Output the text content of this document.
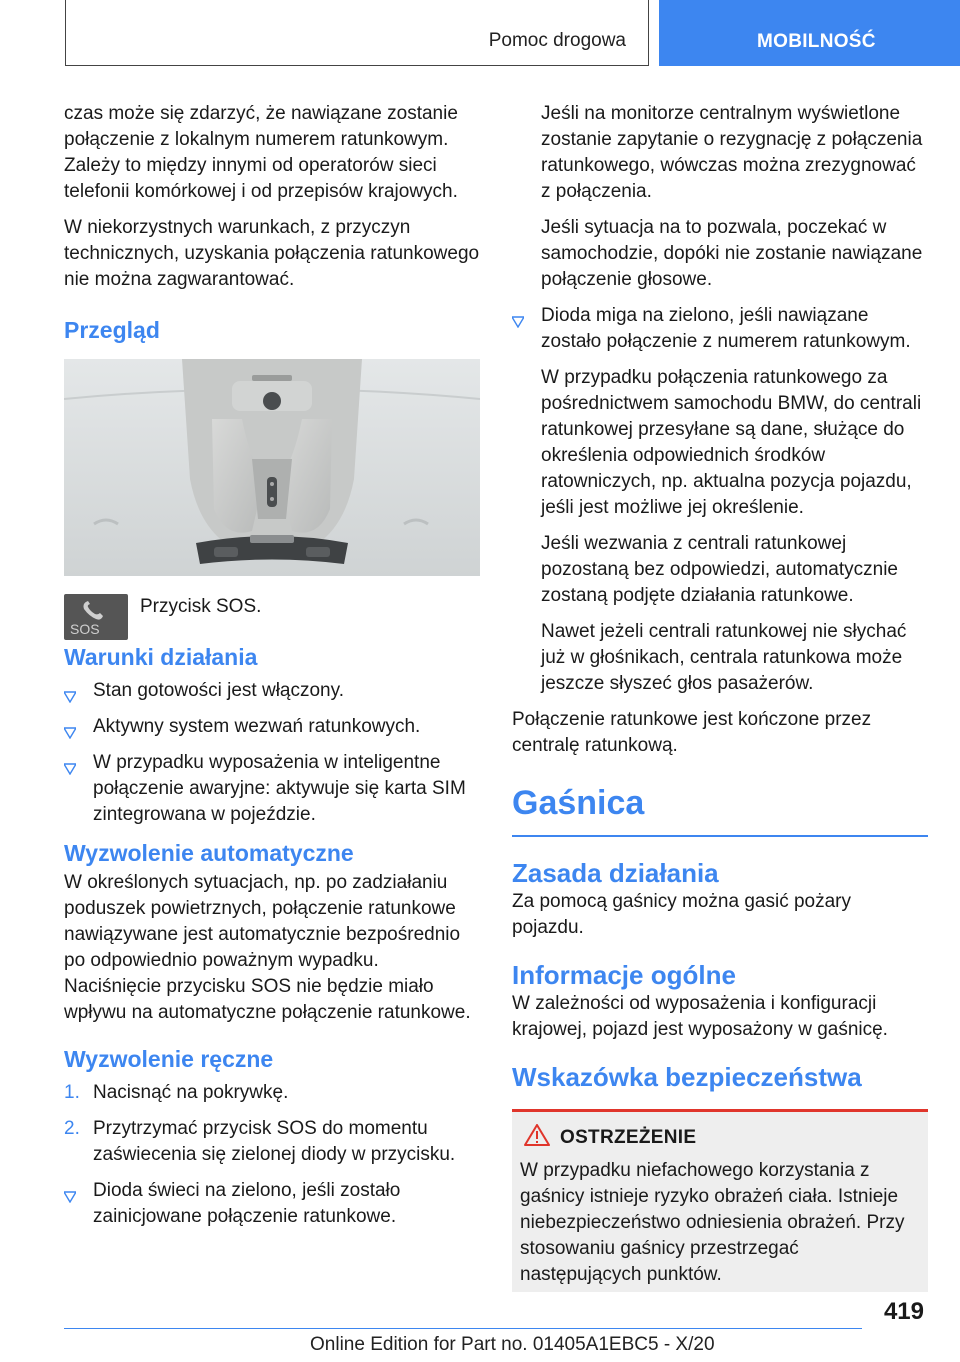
Pomoc drogowa	MOBILNOŚĆ

czas może się zdarzyć, że nawiązane zostanie połączenie z lokalnym numerem ratunkowym. Zależy to między innymi od operatorów sieci telefonii komórkowej i od przepisów krajowych.

W niekorzystnych warunkach, z przyczyn technicznych, uzyskania połączenia ratunkowego nie można zagwarantować.

Przegląd
SOS
Przycisk SOS.
Warunki działania
Stan gotowości jest włączony.
Aktywny system wezwań ratunkowych.
W przypadku wyposażenia w inteligentne połączenie awaryjne: aktywuje się karta SIM zintegrowana w pojeździe.
Wyzwolenie automatyczne

W określonych sytuacjach, np. po zadziałaniu poduszek powietrznych, połączenie ratunkowe nawiązywane jest automatycznie bezpośrednio po odpowiednio poważnym wypadku. Naciśnięcie przycisku SOS nie będzie miało wpływu na automatyczne połączenie ratunkowe.

Wyzwolenie ręczne
1. Nacisnąć na pokrywkę.
2. Przytrzymać przycisk SOS do momentu zaświecenia się zielonej diody w przycisku.
Dioda świeci na zielono, jeśli zostało zainicjowane połączenie ratunkowe.

Jeśli na monitorze centralnym wyświetlone zostanie zapytanie o rezygnację z połączenia ratunkowego, wówczas można zrezygnować z połączenia.

Jeśli sytuacja na to pozwala, poczekać w samochodzie, dopóki nie zostanie nawiązane połączenie głosowe.

Dioda miga na zielono, jeśli nawiązane zostało połączenie z numerem ratunkowym.

W przypadku połączenia ratunkowego za pośrednictwem samochodu BMW, do centrali ratunkowej przesyłane są dane, służące do określenia odpowiednich środków ratowniczych, np. aktualna pozycja pojazdu, jeśli jest możliwe jej określenie.

Jeśli wezwania z centrali ratunkowej pozostaną bez odpowiedzi, automatycznie zostaną podjęte działania ratunkowe.

Nawet jeżeli centrali ratunkowej nie słychać już w głośnikach, centrala ratunkowa może jeszcze słyszeć głos pasażerów.

Połączenie ratunkowe jest kończone przez centralę ratunkową.

Gaśnica
Zasada działania

Za pomocą gaśnicy można gasić pożary pojazdu.

Informacje ogólne

W zależności od wyposażenia i konfiguracji krajowej, pojazd jest wyposażony w gaśnicę.

Wskazówka bezpieczeństwa
OSTRZEŻENIE

W przypadku niefachowego korzystania z gaśnicy istnieje ryzyko obrażeń ciała. Istnieje niebezpieczeństwo odniesienia obrażeń. Przy stosowaniu gaśnicy przestrzegać następujących punktów.

419
Online Edition for Part no. 01405A1EBC5 - X/20
